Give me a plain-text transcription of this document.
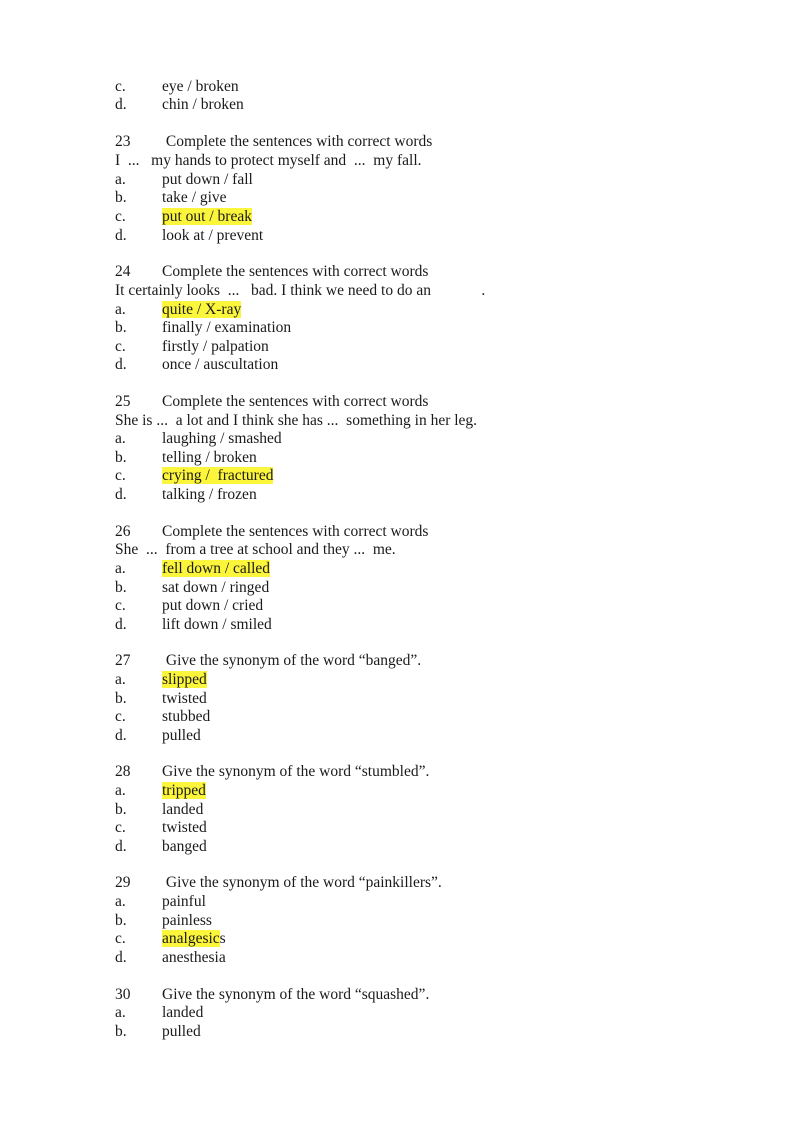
c. eye / broken
d. chin / broken
23 Complete the sentences with correct words
I  ...   my hands to protect myself and  ...  my fall.
a. put down / fall
b. take / give
c. put out / break
d. look at / prevent
24 Complete the sentences with correct words
It certainly looks  ...   bad. I think we need to do an             .
a. quite / X-ray
b. finally / examination
c. firstly / palpation
d. once / auscultation
25 Complete the sentences with correct words
She is ...  a lot and I think she has ...  something in her leg.
a. laughing / smashed
b. telling / broken
c. crying /  fractured
d. talking / frozen
26 Complete the sentences with correct words
She  ...  from a tree at school and they ...  me.
a. fell down / called
b. sat down / ringed
c. put down / cried
d. lift down / smiled
27 Give the synonym of the word “banged”.
a. slipped
b. twisted
c. stubbed
d. pulled
28 Give the synonym of the word “stumbled”.
a. tripped
b. landed
c. twisted
d. banged
29 Give the synonym of the word “painkillers”.
a. painful
b. painless
c. analgesics
d. anesthesia
30 Give the synonym of the word “squashed”.
a. landed
b. pulled
